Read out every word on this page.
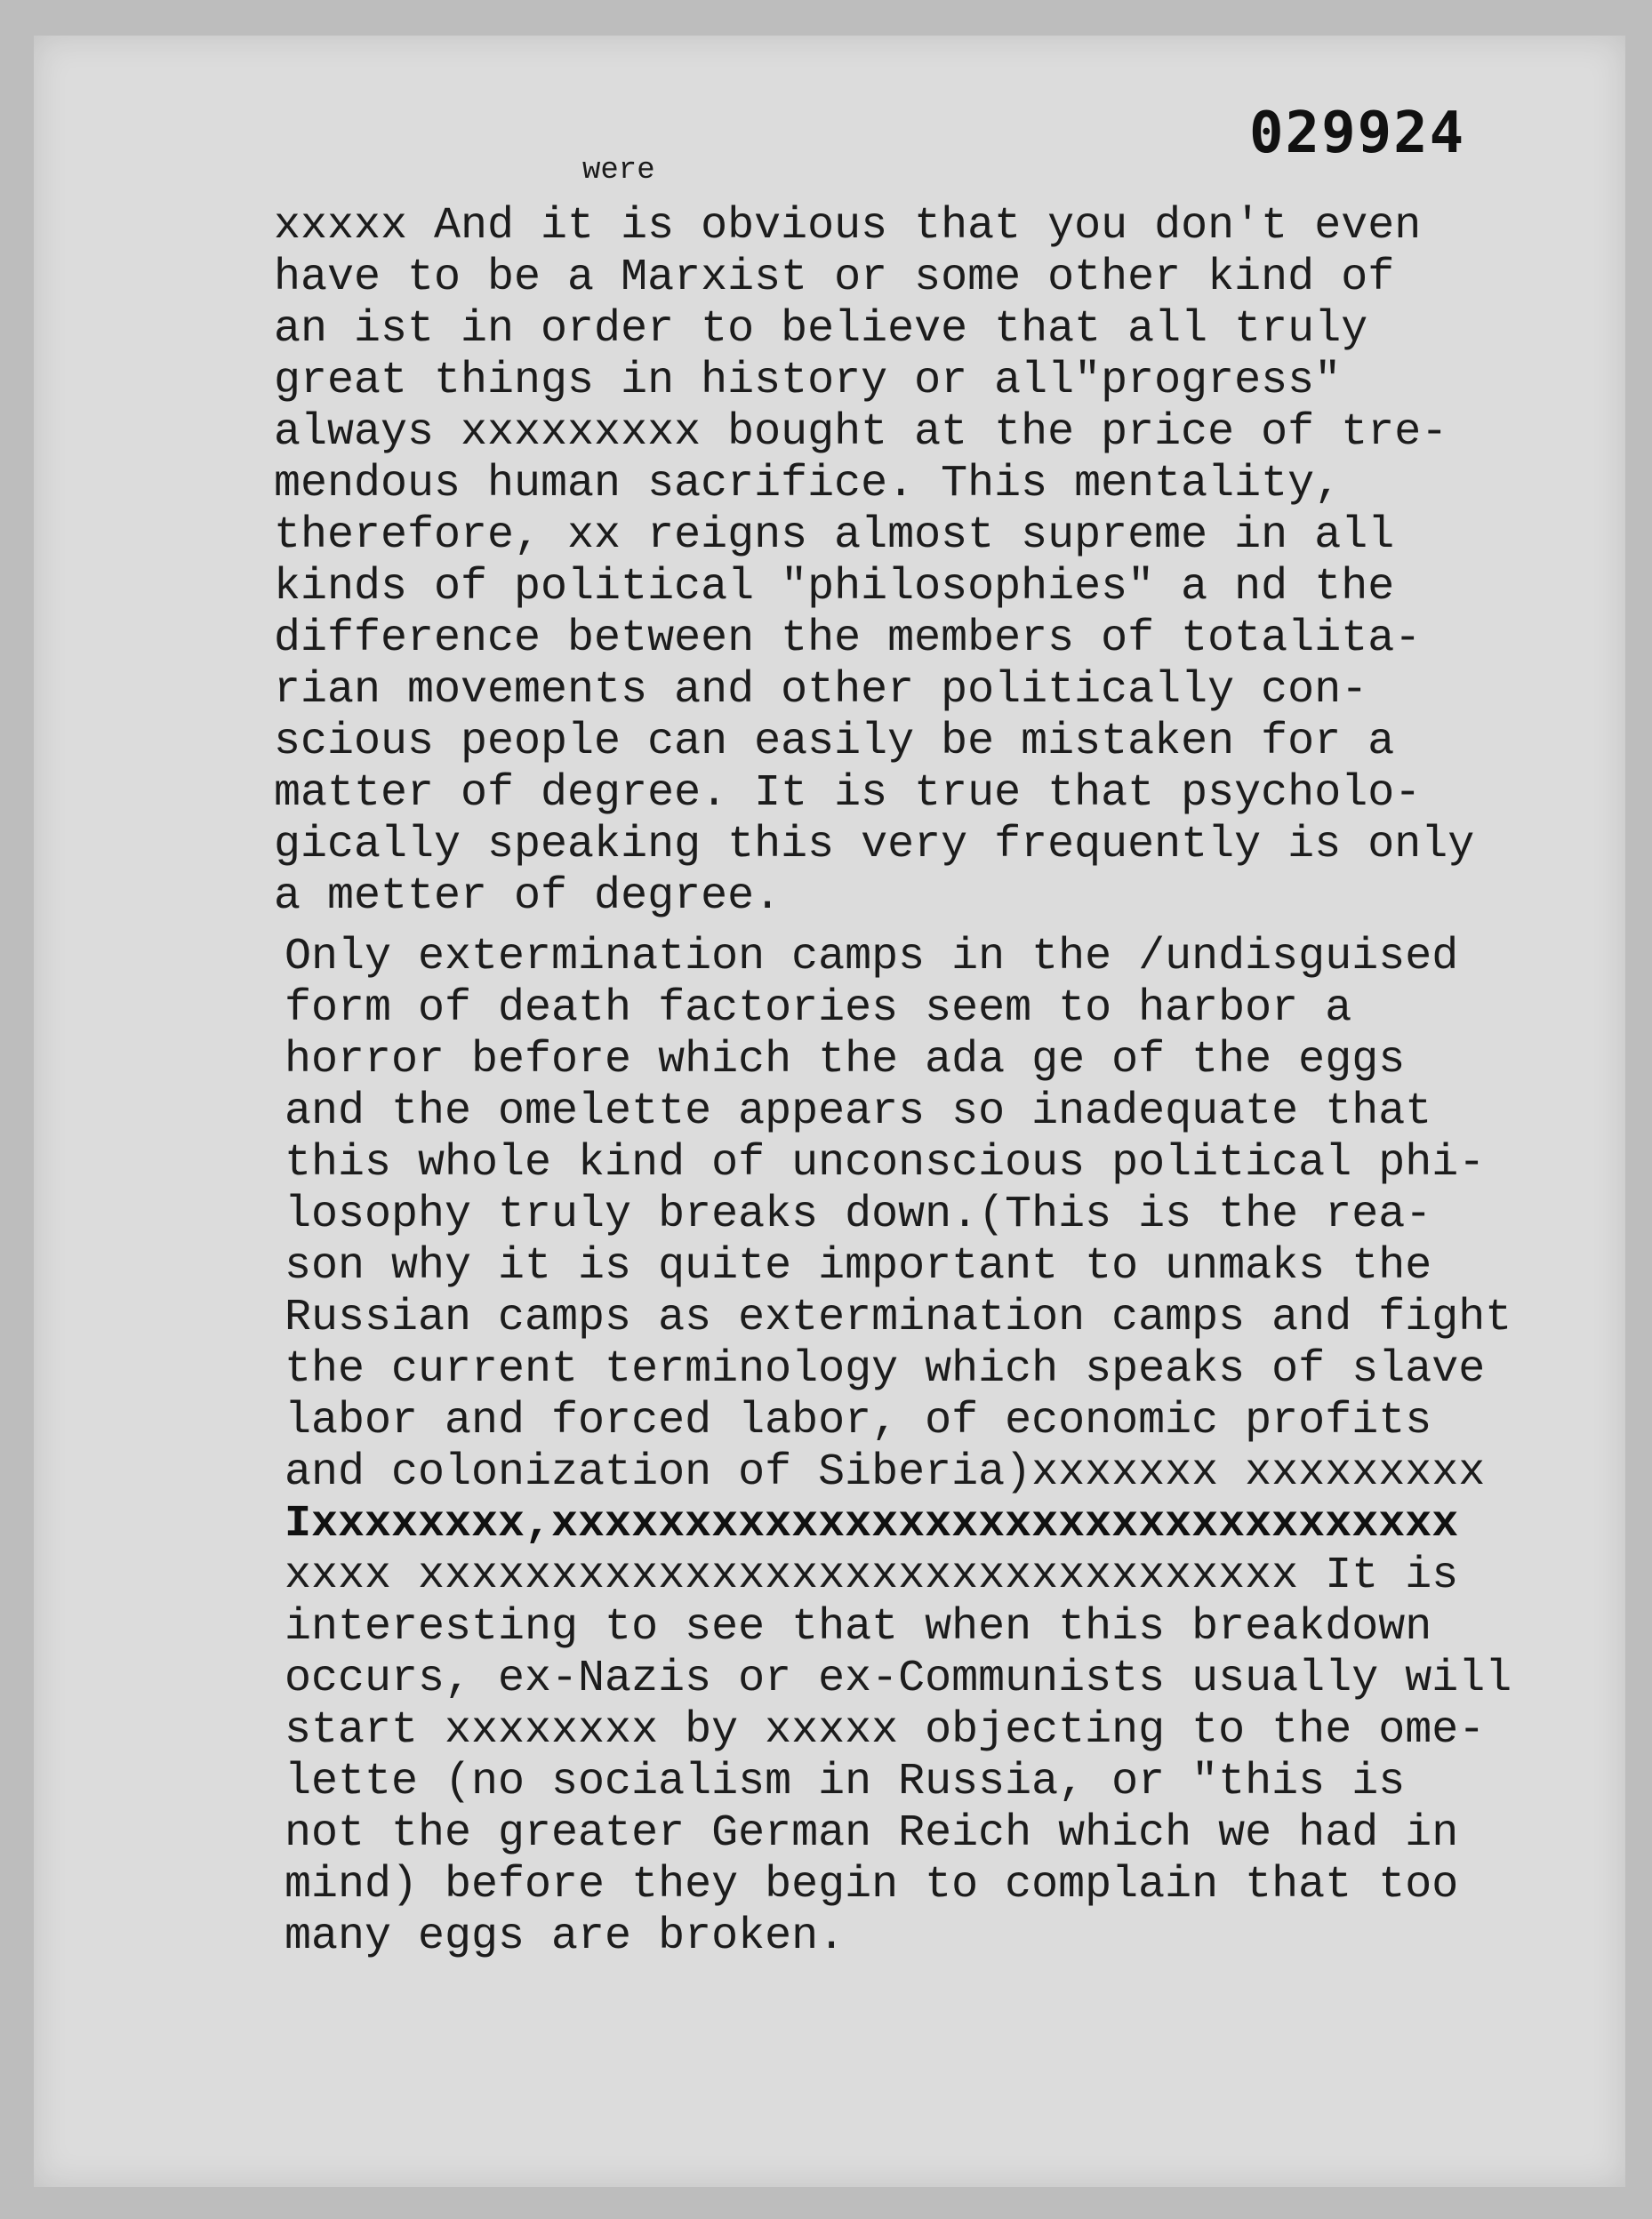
029924
were
xxxxx And it is obvious that you don't even
have to be a Marxist or some other kind of
an ist in order to believe that all truly
great things in history or all"progress"
always xxxxxxxxx bought at the price of tre-
mendous human sacrifice. This mentality,
therefore, xx reigns almost supreme in all
kinds of political "philosophies" a nd the
difference between the members of totalita-
rian movements and other politically con-
scious people can easily be mistaken for a
matter of degree. It is true that psycholo-
gically speaking this very frequently is only
a metter of degree.
Only extermination camps in the /undisguised
form of death factories seem to harbor a
horror before which the ada ge of the eggs
and the omelette appears so inadequate that
this whole kind of unconscious political phi-
losophy truly breaks down.(This is the rea-
son why it is quite important to unmaks the
Russian camps as extermination camps and fight
the current terminology which speaks of slave
labor and forced labor, of economic profits
and colonization of Siberia)xxxxxxx xxxxxxxxx
Ixxxxxxxx,xxxxxxxxxxxxxxxxxxxxxxxxxxxxxxxxxx
xxxx xxxxxxxxxxxxxxxxxxxxxxxxxxxxxxxxx It is
interesting to see that when this breakdown
occurs, ex-Nazis or ex-Communists usually will
start xxxxxxxx by xxxxx objecting to the ome-
lette (no socialism in Russia, or "this is
not the greater German Reich which we had in
mind) before they begin to complain that too
many eggs are broken.
